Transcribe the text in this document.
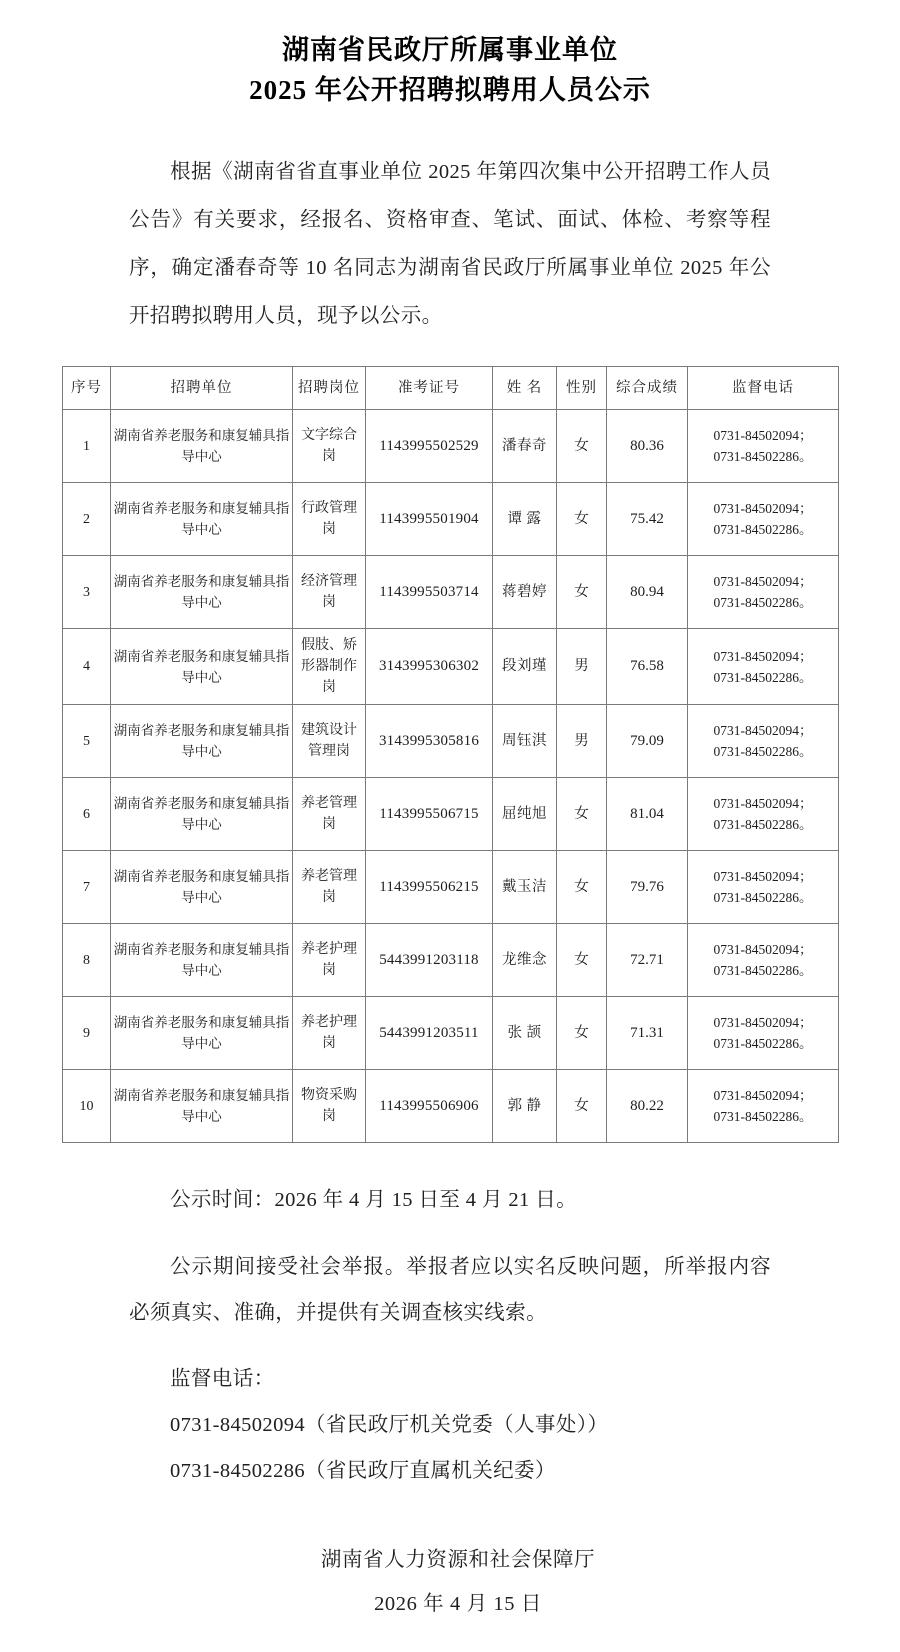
湖南省民政厅所属事业单位
2025 年公开招聘拟聘用人员公示

根据《湖南省省直事业单位 2025 年第四次集中公开招聘工作人员公告》有关要求，经报名、资格审查、笔试、面试、体检、考察等程序，确定潘春奇等 10 名同志为湖南省民政厅所属事业单位 2025 年公开招聘拟聘用人员，现予以公示。

序号	招聘单位	招聘岗位	准考证号	姓 名	性别	综合成绩	监督电话
1	湖南省养老服务和康复辅具指导中心	文字综合岗	1143995502529	潘春奇	女	80.36	0731-84502094；
0731-84502286。

2	湖南省养老服务和康复辅具指导中心	行政管理岗	1143995501904	谭 露	女	75.42	0731-84502094；
0731-84502286。

3	湖南省养老服务和康复辅具指导中心	经济管理岗	1143995503714	蒋碧婷	女	80.94	0731-84502094；
0731-84502286。

4	湖南省养老服务和康复辅具指导中心	假肢、矫形器制作岗	3143995306302	段刘瑾	男	76.58	0731-84502094；
0731-84502286。

5	湖南省养老服务和康复辅具指导中心	建筑设计管理岗	3143995305816	周钰淇	男	79.09	0731-84502094；
0731-84502286。

6	湖南省养老服务和康复辅具指导中心	养老管理岗	1143995506715	屈纯旭	女	81.04	0731-84502094；
0731-84502286。

7	湖南省养老服务和康复辅具指导中心	养老管理岗	1143995506215	戴玉洁	女	79.76	0731-84502094；
0731-84502286。

8	湖南省养老服务和康复辅具指导中心	养老护理岗	5443991203118	龙维念	女	72.71	0731-84502094；
0731-84502286。

9	湖南省养老服务和康复辅具指导中心	养老护理岗	5443991203511	张 颉	女	71.31	0731-84502094；
0731-84502286。

10	湖南省养老服务和康复辅具指导中心	物资采购岗	1143995506906	郭 静	女	80.22	0731-84502094；
0731-84502286。
公示时间：2026 年 4 月 15 日至 4 月 21 日。

公示期间接受社会举报。举报者应以实名反映问题，所举报内容必须真实、准确，并提供有关调查核实线索。

监督电话：
0731-84502094（省民政厅机关党委（人事处））
0731-84502286（省民政厅直属机关纪委）
湖南省人力资源和社会保障厅
2026 年 4 月 15 日
